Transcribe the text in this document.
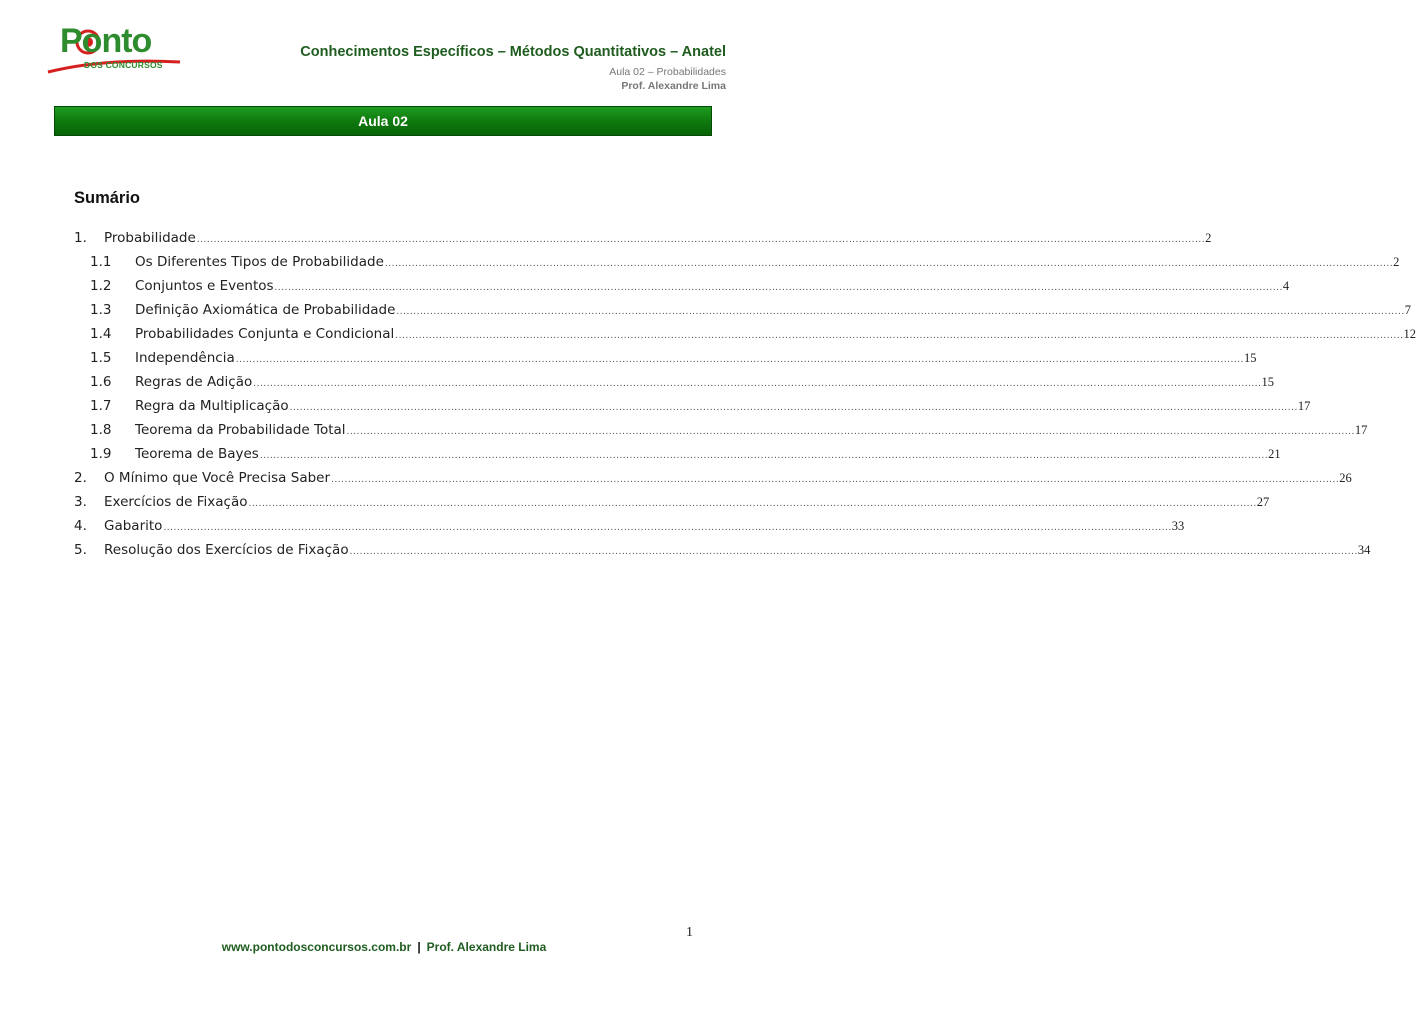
Ponto
DOS CONCURSOS
Conhecimentos Específicos – Métodos Quantitativos – Anatel
Aula 02 – Probabilidades
Prof. Alexandre Lima
Aula 02
Sumário
1.	Probabilidade ............................................................................................................................................................................................................................................................................................................ 2
1.1	Os Diferentes Tipos de Probabilidade ............................................................................................................................................................................................................................................................................................................ 2
1.2	Conjuntos e Eventos ............................................................................................................................................................................................................................................................................................................ 4
1.3	Definição Axiomática de Probabilidade ............................................................................................................................................................................................................................................................................................................ 7
1.4	Probabilidades Conjunta e Condicional ............................................................................................................................................................................................................................................................................................................ 12
1.5	Independência ............................................................................................................................................................................................................................................................................................................ 15
1.6	Regras de Adição ............................................................................................................................................................................................................................................................................................................ 15
1.7	Regra da Multiplicação ............................................................................................................................................................................................................................................................................................................ 17
1.8	Teorema da Probabilidade Total ............................................................................................................................................................................................................................................................................................................ 17
1.9	Teorema de Bayes ............................................................................................................................................................................................................................................................................................................ 21
2.	O Mínimo que Você Precisa Saber ............................................................................................................................................................................................................................................................................................................ 26
3.	Exercícios de Fixação ............................................................................................................................................................................................................................................................................................................ 27
4.	Gabarito ............................................................................................................................................................................................................................................................................................................ 33
5.	Resolução dos Exercícios de Fixação ............................................................................................................................................................................................................................................................................................................ 34
1
www.pontodosconcursos.com.br | Prof. Alexandre Lima
